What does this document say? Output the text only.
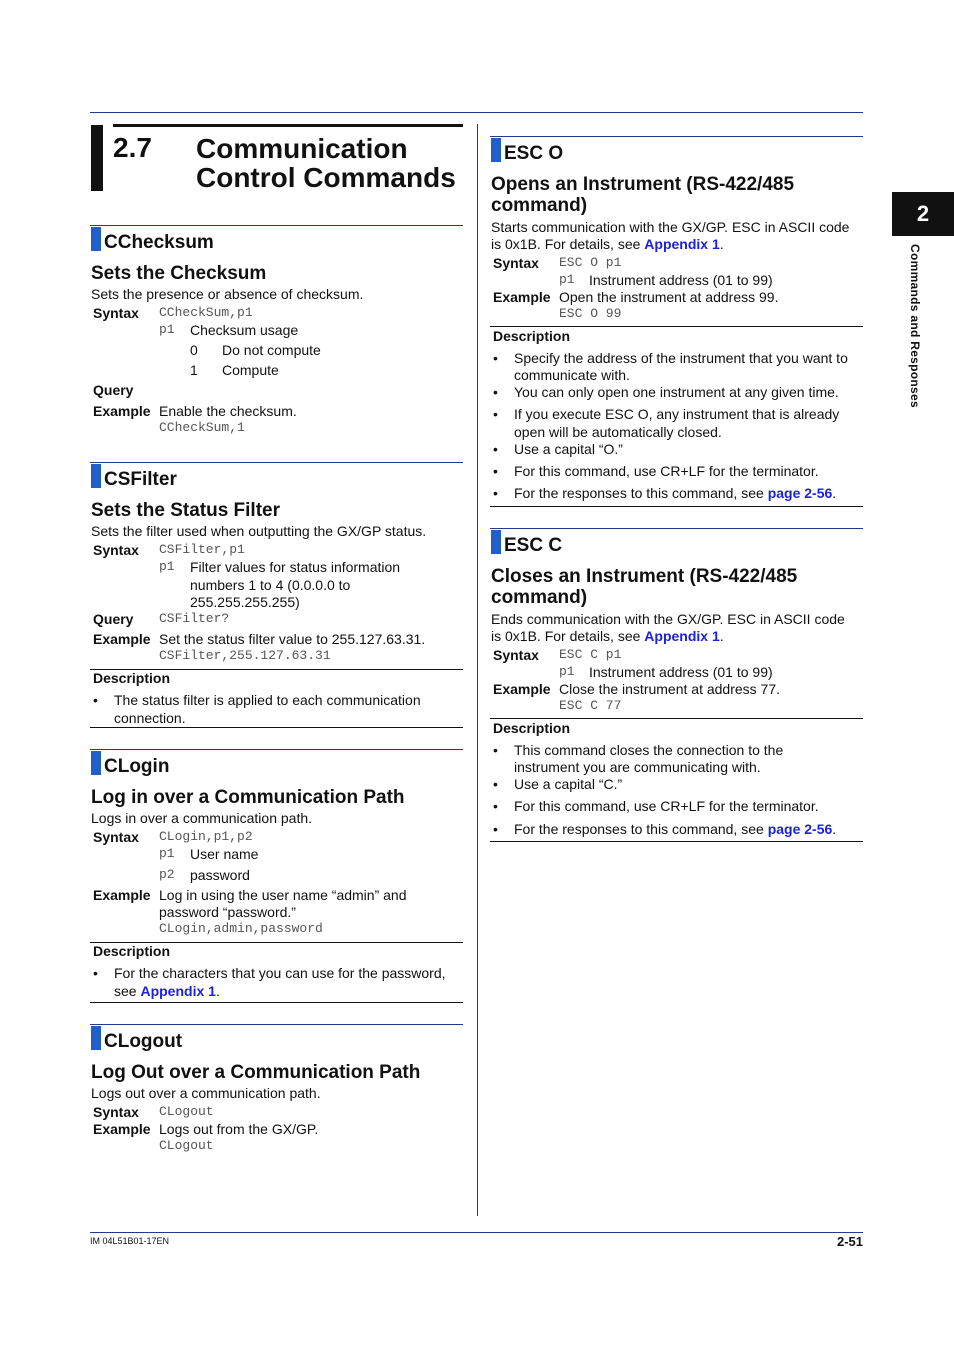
IM 04L51B01-17EN	2-51
2
Commands and Responses
2.7 Communication
Control Commands
CChecksum
Sets the Checksum
Sets the presence or absence of checksum.
Syntax CCheckSum,p1
p1 Checksum usage
0 Do not compute
1 Compute
Query
Example Enable the checksum.
CCheckSum,1
CSFilter
Sets the Status Filter
Sets the filter used when outputting the GX/GP status.
Syntax CSFilter,p1
p1 Filter values for status information
numbers 1 to 4 (0.0.0.0 to
255.255.255.255)
Query CSFilter?
Example Set the status filter value to 255.127.63.31.
CSFilter,255.127.63.31
Description
• The status filter is applied to each communication
connection.
CLogin
Log in over a Communication Path
Logs in over a communication path.
Syntax CLogin,p1,p2
p1 User name
p2 password
Example Log in using the user name “admin” and
password “password.”
CLogin,admin,password
Description
• For the characters that you can use for the password,
see Appendix 1.
CLogout
Log Out over a Communication Path
Logs out over a communication path.
Syntax CLogout
Example Logs out from the GX/GP.
CLogout
ESC O
Opens an Instrument (RS-422/485
command)
Starts communication with the GX/GP. ESC in ASCII code
is 0x1B. For details, see Appendix 1.
Syntax ESC O p1
p1 Instrument address (01 to 99)
Example Open the instrument at address 99.
ESC O 99
Description
• Specify the address of the instrument that you want to
communicate with.
• You can only open one instrument at any given time.
• If you execute ESC O, any instrument that is already
open will be automatically closed.
• Use a capital “O.”
• For this command, use CR+LF for the terminator.
• For the responses to this command, see page 2-56.
ESC C
Closes an Instrument (RS-422/485
command)
Ends communication with the GX/GP. ESC in ASCII code
is 0x1B. For details, see Appendix 1.
Syntax ESC C p1
p1 Instrument address (01 to 99)
Example Close the instrument at address 77.
ESC C 77
Description
• This command closes the connection to the
instrument you are communicating with.
• Use a capital “C.”
• For this command, use CR+LF for the terminator.
• For the responses to this command, see page 2-56.
